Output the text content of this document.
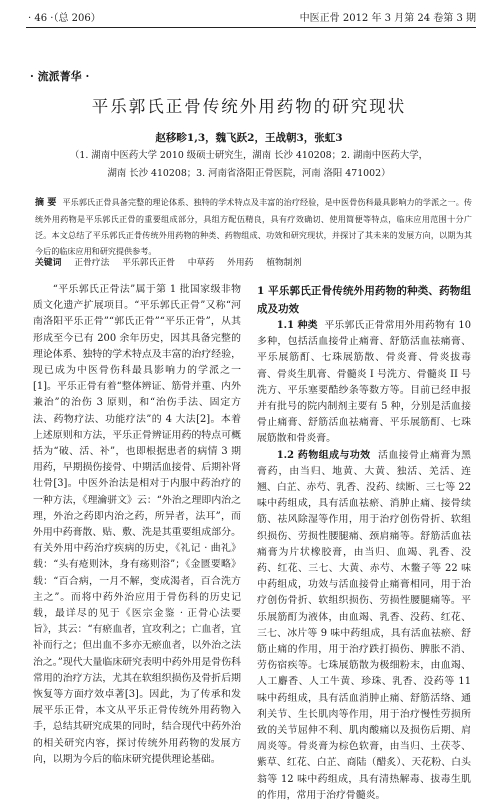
· 46 ·（总 206）	中医正骨 2012 年 3 月第 24 卷第 3 期
· 流派菁华 ·
平乐郭氏正骨传统外用药物的研究现状
赵移畛1,3，魏飞跃2，王战朝3，张虹3
（1. 湖南中医药大学 2010 级硕士研究生，湖南 长沙 410208；2. 湖南中医药大学，
湖南 长沙 410208；3. 河南省洛阳正骨医院，河南 洛阳 471002）
摘 要 平乐郭氏正骨具备完整的理论体系、独特的学术特点及丰富的治疗经验，是中医骨伤科最具影响力的学派之一。传统外用药物是平乐郭氏正骨的重要组成部分，具组方配伍精良，具有疗效确切、使用简便等特点，临床应用范围十分广泛。本文总结了平乐郭氏正骨传统外用药物的种类、药物组成、功效和研究现状，并探讨了其未来的发展方向，以期为其今后的临床应用和研究提供参考。
关键词 正骨疗法 平乐郭氏正骨 中草药 外用药 植物制剂

“平乐郭氏正骨法”属于第 1 批国家级非物质文化遗产扩展项目。“平乐郭氏正骨”又称“河南洛阳平乐正骨”“郭氏正骨”“平乐正骨”，从其形成至今已有 200 余年历史，因其具备完整的理论体系、独特的学术特点及丰富的治疗经验，现已成为中医骨伤科最具影响力的学派之一[1]。平乐正骨有着“整体辨证、筋骨并重、内外兼治”的治伤 3 原则，和“治伤手法、固定方法、药物疗法、功能疗法”的 4 大法[2]。本着上述原则和方法，平乐正骨辨证用药的特点可概括为“破、活、补”，也即根据患者的病情 3 期用药，早期损伤接骨、中期活血接骨、后期补肾壮骨[3]。中医外治法是相对于内服中药治疗的一种方法，《理瀹骈文》云：“外治之理即内治之理，外治之药即内治之药，所异者，法耳”，而外用中药膏散、贴、敷、洗是其重要组成部分。有关外用中药治疗疾病的历史，《礼记 · 曲礼》载：“头有疮则沐，身有疡则浴”；《金匮要略》载：“百合病，一月不解，变成渴者，百合洗方主之”。而将中药外治应用于骨伤科的历史记载，最详尽的见于《医宗金鉴 · 正骨心法要旨》，其云：“有瘀血者，宜攻利之；亡血者，宜补而行之；但出血不多亦无瘀血者，以外治之法治之。”现代大量临床研究表明中药外用是骨伤科常用的治疗方法，尤其在软组织损伤及骨折后期恢复等方面疗效卓著[3]。因此，为了传承和发展平乐正骨，本文从平乐正骨传统外用药物入手，总结其研究成果的同时，结合现代中药外治的相关研究内容，探讨传统外用药物的发展方向，以期为今后的临床研究提供理论基础。

1 平乐郭氏正骨传统外用药物的种类、药物组成及功效

1.1 种类 平乐郭氏正骨常用外用药物有 10 多种，包括活血接骨止痛膏、舒筋活血祛痛膏、平乐展筋酊、七珠展筋散、骨炎膏、骨炎拔毒膏、骨炎生肌膏、骨髓炎 I 号洗方、骨髓炎 II 号洗方、平乐塞要酷纱条等数方等。目前已经申报并有批号的院内制剂主要有 5 种，分别是活血接骨止痛膏、舒筋活血祛痛膏、平乐展筋酊、七珠展筋散和骨炎膏。

1.2 药物组成与功效 活血接骨止痛膏为黑膏药，由当归、地黄、大黄、独活、羌活、连翘、白芷、赤芍、乳香、没药、续断、三七等 22 味中药组成，具有活血祛瘀、消肿止痛、接骨续筋、祛风除湿等作用，用于治疗创伤骨折、软组织损伤、劳损性腰腿痛、颈肩痛等。舒筋活血祛痛膏为片状橡胶膏，由当归、血竭、乳香、没药、红花、三七、大黄、赤芍、木鳖子等 22 味中药组成，功效与活血接骨止痛膏相同，用于治疗创伤骨折、软组织损伤、劳损性腰腿痛等。平乐展筋酊为液体，由血竭、乳香、没药、红花、三七、冰片等 9 味中药组成，具有活血祛瘀、舒筋止痛的作用，用于治疗跌打损伤、脾胀不消、劳伤宿疾等。七珠展筋散为极细粉末，由血竭、人工麝香、人工牛黄、珍珠、乳香、没药等 11 味中药组成，具有活血消肿止痛、舒筋活络、通利关节、生长肌肉等作用，用于治疗慢性劳损所致的关节屈伸不利、肌肉酸痛以及损伤后期、肩周炎等。骨炎膏为棕色软膏，由当归、土茯苓、紫草、红花、白芷、商陆（醋炙）、天花粉、白头翁等 12 味中药组成，具有清热解毒、拔毒生肌的作用，常用于治疗骨髓炎。
